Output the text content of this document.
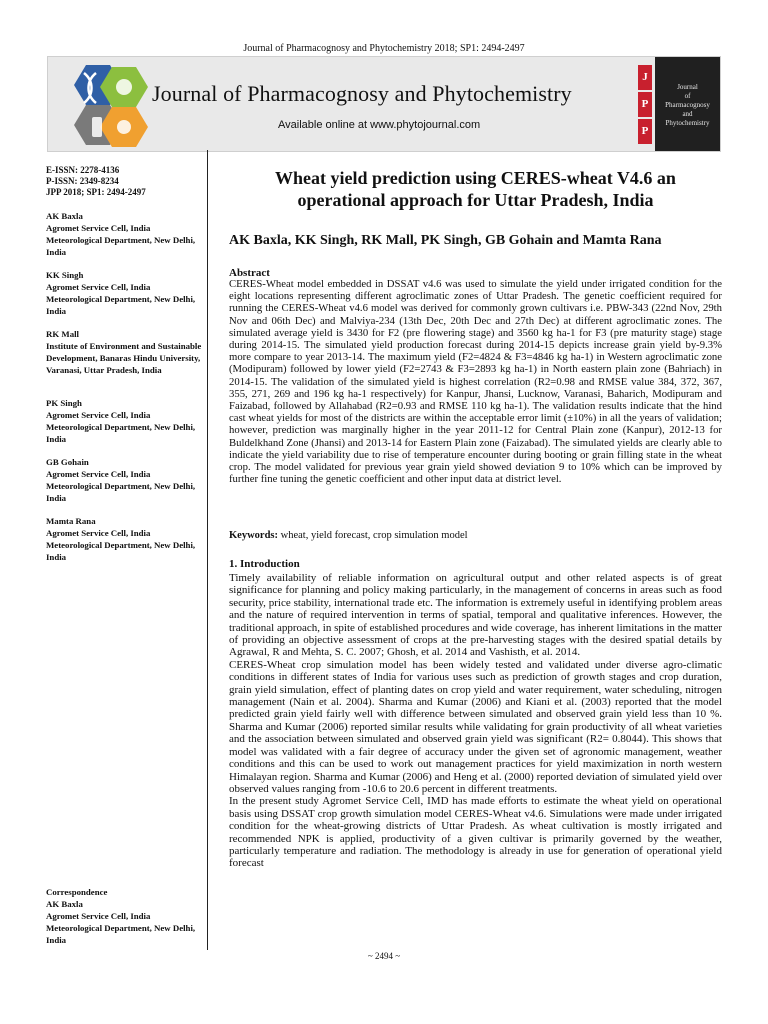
Journal of Pharmacognosy and Phytochemistry 2018; SP1: 2494-2497
Journal of Pharmacognosy and Phytochemistry
Available online at www.phytojournal.com
J
P
P
Journal
of
Pharmacognosy
and
Phytochemistry
E-ISSN: 2278-4136
P-ISSN: 2349-8234
JPP 2018; SP1: 2494-2497
AK Baxla
Agromet Service Cell, India Meteorological Department, New Delhi, India
KK Singh
Agromet Service Cell, India Meteorological Department, New Delhi, India
RK Mall
Institute of Environment and Sustainable Development, Banaras Hindu University, Varanasi, Uttar Pradesh, India
PK Singh
Agromet Service Cell, India Meteorological Department, New Delhi, India
GB Gohain
Agromet Service Cell, India Meteorological Department, New Delhi, India
Mamta Rana
Agromet Service Cell, India Meteorological Department, New Delhi, India
Correspondence
AK Baxla
Agromet Service Cell, India Meteorological Department, New Delhi, India
Wheat yield prediction using CERES-wheat V4.6 an operational approach for Uttar Pradesh, India
AK Baxla, KK Singh, RK Mall, PK Singh, GB Gohain and Mamta Rana
Abstract
CERES-Wheat model embedded in DSSAT v4.6 was used to simulate the yield under irrigated condition for the eight locations representing different agroclimatic zones of Uttar Pradesh. The genetic coefficient required for running the CERES-Wheat v4.6 model was derived for commonly grown cultivars i.e. PBW-343 (22nd Nov, 29th Nov and 06th Dec) and Malviya-234 (13th Dec, 20th Dec and 27th Dec) at different agroclimatic zones. The simulated average yield is 3430 for F2 (pre flowering stage) and 3560 kg ha-1 for F3 (pre maturity stage) stage during 2014-15. The simulated yield production forecast during 2014-15 depicts increase grain yield by-9.3% more compare to year 2013-14. The maximum yield (F2=4824 & F3=4846 kg ha-1) in Western agroclimatic zone (Modipuram) followed by lower yield (F2=2743 & F3=2893 kg ha-1) in North eastern plain zone (Bahriach) in 2014-15. The validation of the simulated yield is highest correlation (R2=0.98 and RMSE value 384, 372, 367, 355, 271, 269 and 196 kg ha-1 respectively) for Kanpur, Jhansi, Lucknow, Varanasi, Baharich, Modipuram and Faizabad, followed by Allahabad (R2=0.93 and RMSE 110 kg ha-1). The validation results indicate that the hind cast wheat yields for most of the districts are within the acceptable error limit (±10%) in all the years of validation; however, prediction was marginally higher in the year 2011-12 for Central Plain zone (Kanpur), 2012-13 for Buldelkhand Zone (Jhansi) and 2013-14 for Eastern Plain zone (Faizabad). The simulated yields are clearly able to indicate the yield variability due to rise of temperature encounter during booting or grain filling state in the wheat crop. The model validated for previous year grain yield showed deviation 9 to 10% which can be improved by further fine tuning the genetic coefficient and other input data at district level.
Keywords: wheat, yield forecast, crop simulation model
1. Introduction

Timely availability of reliable information on agricultural output and other related aspects is of great significance for planning and policy making particularly, in the management of concerns in areas such as food security, price stability, international trade etc. The information is extremely useful in identifying problem areas and the nature of required intervention in terms of spatial, temporal and qualitative inferences. However, the traditional approach, in spite of established procedures and wide coverage, has inherent limitations in the matter of providing an objective assessment of crops at the pre-harvesting stages with the desired spatial details by Agrawal, R and Mehta, S. C. 2007; Ghosh, et al. 2014 and Vashisth, et al. 2014.

CERES-Wheat crop simulation model has been widely tested and validated under diverse agro-climatic conditions in different states of India for various uses such as prediction of growth stages and crop duration, grain yield simulation, effect of planting dates on crop yield and water requirement, water scheduling, nitrogen management (Nain et al. 2004). Sharma and Kumar (2006) and Kiani et al. (2003) reported that the model predicted grain yield fairly well with difference between simulated and observed grain yield less than 10 %. Sharma and Kumar (2006) reported similar results while validating for grain productivity of all wheat varieties and the association between simulated and observed grain yield was significant (R2= 0.8044). This shows that model was validated with a fair degree of accuracy under the given set of agronomic management, weather conditions and this can be used to work out management practices for yield maximization in north western Himalayan region. Sharma and Kumar (2006) and Heng et al. (2000) reported deviation of simulated yield over observed values ranging from -10.6 to 20.6 percent in different treatments.

In the present study Agromet Service Cell, IMD has made efforts to estimate the wheat yield on operational basis using DSSAT crop growth simulation model CERES-Wheat v4.6. Simulations were made under irrigated condition for the wheat-growing districts of Uttar Pradesh. As wheat cultivation is mostly irrigated and recommended NPK is applied, productivity of a given cultivar is primarily governed by the weather, particularly temperature and radiation. The methodology is already in use for generation of operational yield forecast

~ 2494 ~
